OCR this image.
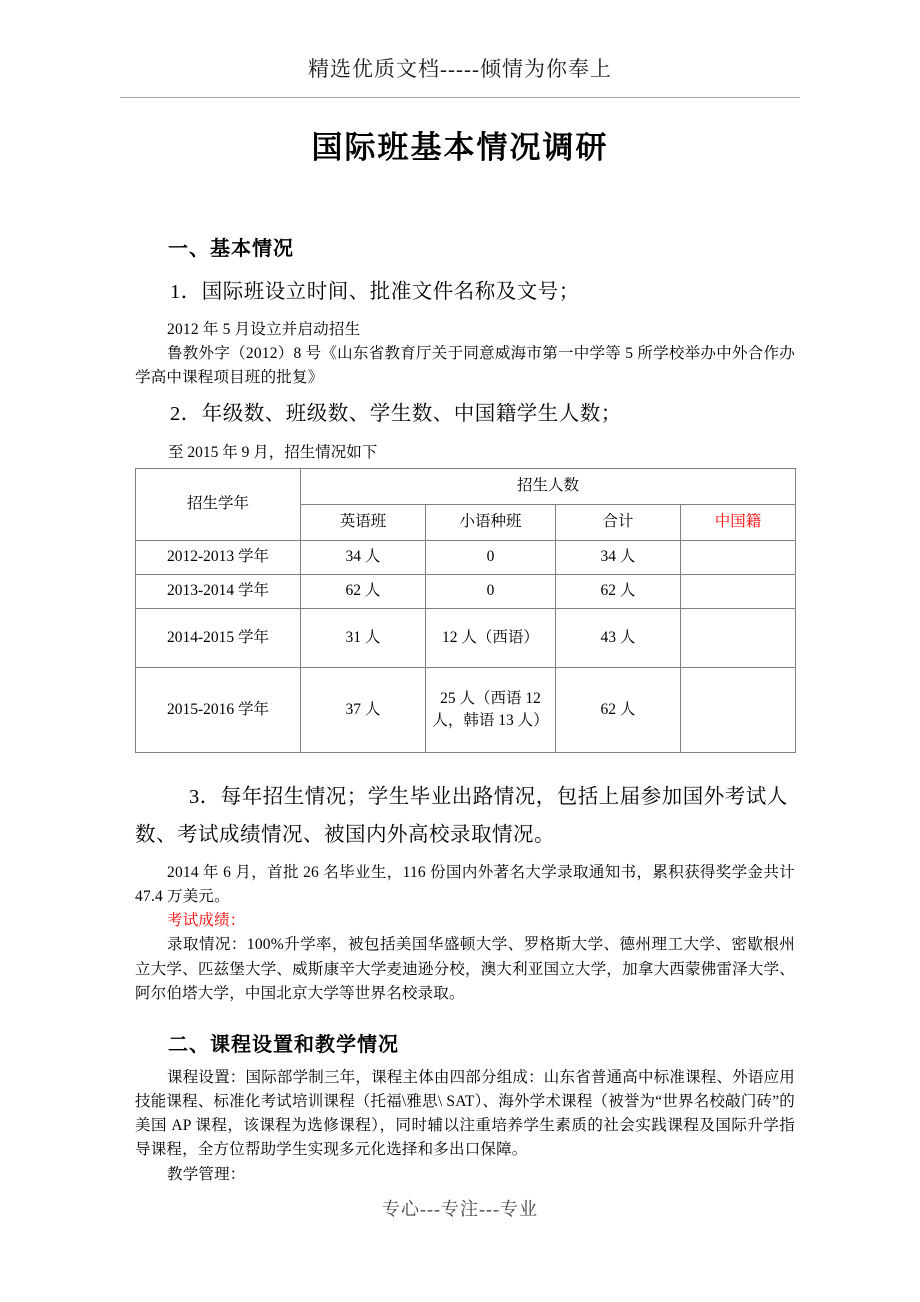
精选优质文档-----倾情为你奉上
国际班基本情况调研
一、基本情况
1．国际班设立时间、批准文件名称及文号；

2012 年 5 月设立并启动招生

鲁教外字（2012）8 号《山东省教育厅关于同意威海市第一中学等 5 所学校举办中外合作办学高中课程项目班的批复》

2．年级数、班级数、学生数、中国籍学生人数；

至 2015 年 9 月，招生情况如下

招生学年	招生人数			
	英语班	小语种班	合计	中国籍
2012-2013 学年	34 人	0	34 人	
2013-2014 学年	62 人	0	62 人	
2014-2015 学年	31 人	12 人（西语）	43 人	
2015-2016 学年	37 人	25 人（西语 12 人，韩语 13 人）	62 人	
3．每年招生情况；学生毕业出路情况，包括上届参加国外考试人数、考试成绩情况、被国内外高校录取情况。

2014 年 6 月，首批 26 名毕业生，116 份国内外著名大学录取通知书，累积获得奖学金共计 47.4 万美元。

考试成绩：

录取情况：100%升学率，被包括美国华盛顿大学、罗格斯大学、德州理工大学、密歇根州立大学、匹兹堡大学、威斯康辛大学麦迪逊分校，澳大利亚国立大学，加拿大西蒙佛雷泽大学、阿尔伯塔大学，中国北京大学等世界名校录取。

二、课程设置和教学情况

课程设置：国际部学制三年，课程主体由四部分组成：山东省普通高中标准课程、外语应用技能课程、标准化考试培训课程（托福\雅思\ SAT）、海外学术课程（被誉为“世界名校敲门砖”的美国 AP 课程，该课程为选修课程），同时辅以注重培养学生素质的社会实践课程及国际升学指导课程，全方位帮助学生实现多元化选择和多出口保障。

教学管理：

专心---专注---专业
